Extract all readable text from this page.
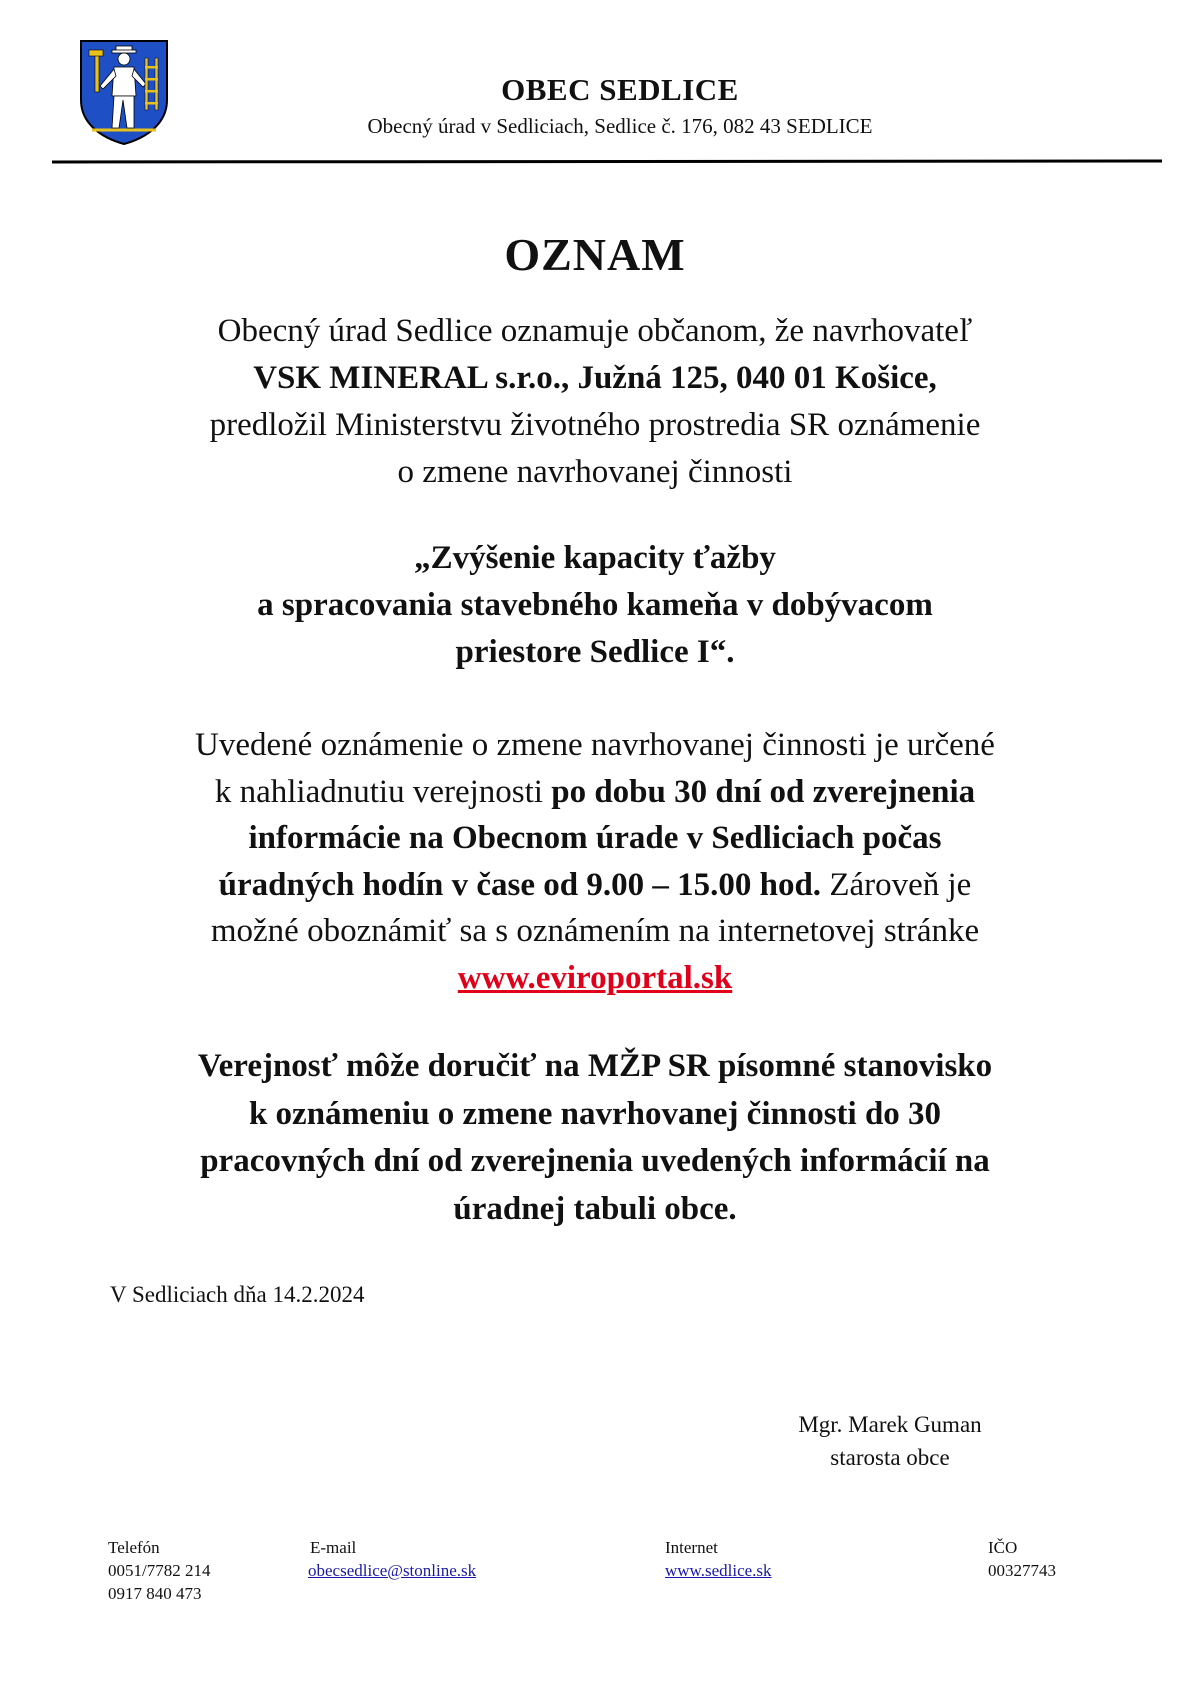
OBEC SEDLICE
Obecný úrad v Sedliciach, Sedlice č. 176, 082 43 SEDLICE
OZNAM
Obecný úrad Sedlice oznamuje občanom, že navrhovateľ
VSK MINERAL s.r.o., Južná 125, 040 01 Košice,
predložil Ministerstvu životného prostredia SR oznámenie
o zmene navrhovanej činnosti
„Zvýšenie kapacity ťažby
a spracovania stavebného kameňa v dobývacom
priestore Sedlice I“.
Uvedené oznámenie o zmene navrhovanej činnosti je určené
k nahliadnutiu verejnosti po dobu 30 dní od zverejnenia
informácie na Obecnom úrade v Sedliciach počas
úradných hodín v čase od 9.00 – 15.00 hod. Zároveň je
možné oboznámiť sa s oznámením na internetovej stránke
www.eviroportal.sk
Verejnosť môže doručiť na MŽP SR písomné stanovisko
k oznámeniu o zmene navrhovanej činnosti do 30
pracovných dní od zverejnenia uvedených informácií na
úradnej tabuli obce.
V Sedliciach dňa 14.2.2024
Mgr. Marek Guman
starosta obce
Telefón
0051/7782 214
0917 840 473
E-mail
obecsedlice@stonline.sk
Internet
www.sedlice.sk
IČO
00327743
